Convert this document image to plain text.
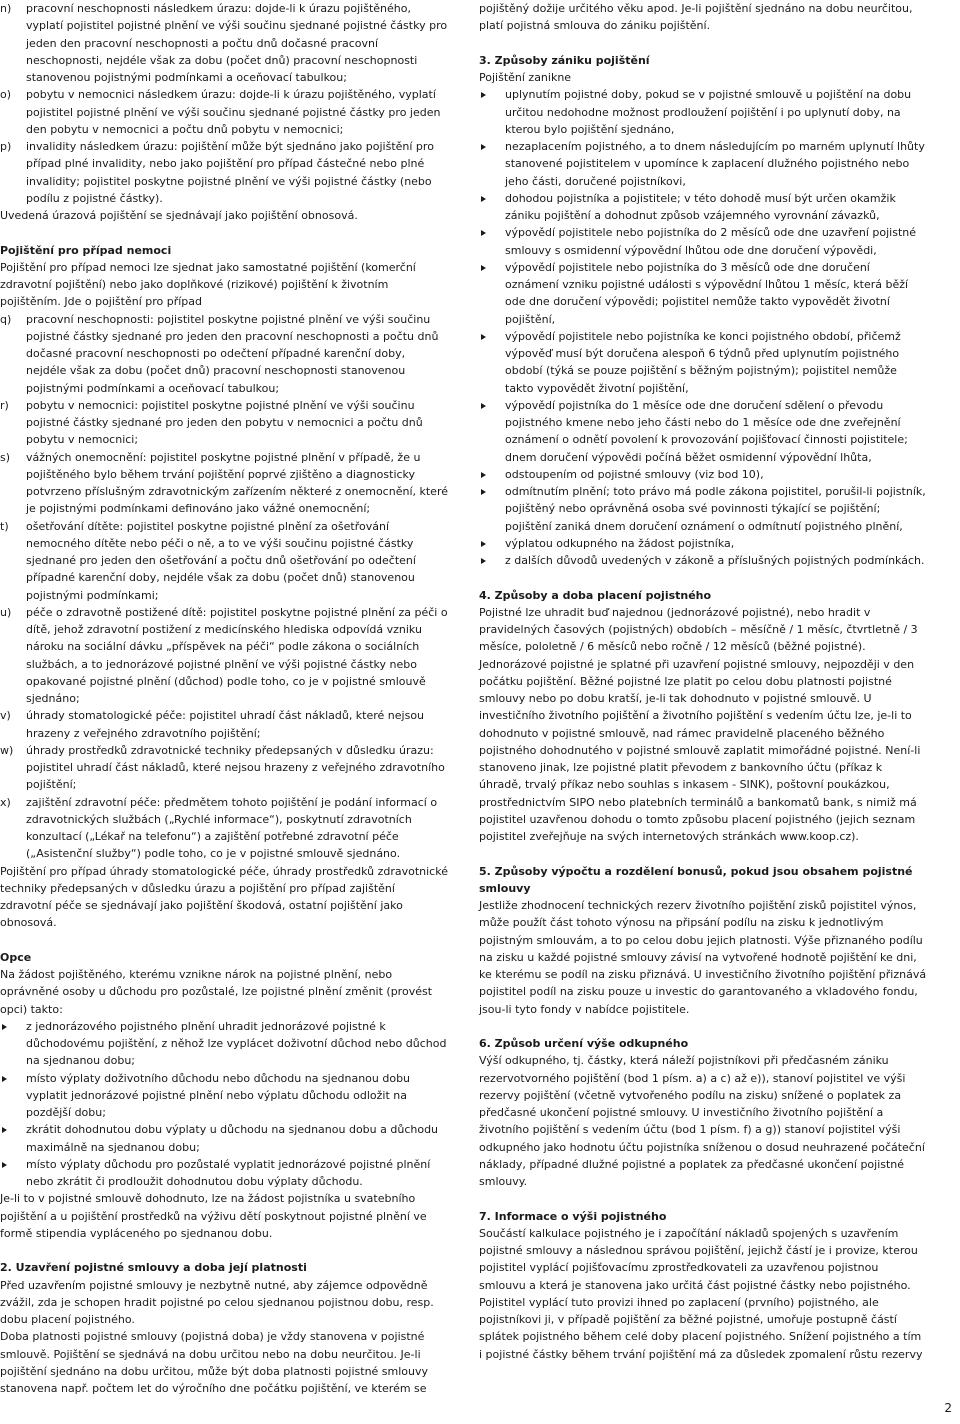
n) pracovní neschopnosti následkem úrazu: dojde-li k úrazu pojištěného, vyplatí pojistitel pojistné plnění ve výši součinu sjednané pojistné částky pro jeden den pracovní neschopnosti a počtu dnů dočasné pracovní neschopnosti, nejdéle však za dobu (počet dnů) pracovní neschopnosti stanovenou pojistnými podmínkami a oceňovací tabulkou;
o) pobytu v nemocnici následkem úrazu: dojde-li k úrazu pojištěného, vyplatí pojistitel pojistné plnění ve výši součinu sjednané pojistné částky pro jeden den pobytu v nemocnici a počtu dnů pobytu v nemocnici;
p) invalidity následkem úrazu: pojištění může být sjednáno jako pojištění pro případ plné invalidity, nebo jako pojištění pro případ částečné nebo plné invalidity; pojistitel poskytne pojistné plnění ve výši pojistné částky (nebo podílu z pojistné částky).
Uvedená úrazová pojištění se sjednávají jako pojištění obnosová.
Pojištění pro případ nemoci
Pojištění pro případ nemoci lze sjednat jako samostatné pojištění (komerční zdravotní pojištění) nebo jako doplňkové (rizikové) pojištění k životním pojištěním. Jde o pojištění pro případ
q) pracovní neschopnosti: pojistitel poskytne pojistné plnění ve výši součinu pojistné částky sjednané pro jeden den pracovní neschopnosti a počtu dnů dočasné pracovní neschopnosti po odečtení případné karenční doby, nejdéle však za dobu (počet dnů) pracovní neschopnosti stanovenou pojistnými podmínkami a oceňovací tabulkou;
r) pobytu v nemocnici: pojistitel poskytne pojistné plnění ve výši součinu pojistné částky sjednané pro jeden den pobytu v nemocnici a počtu dnů pobytu v nemocnici;
s) vážných onemocnění: pojistitel poskytne pojistné plnění v případě, že u pojištěného bylo během trvání pojištění poprvé zjištěno a diagnosticky potvrzeno příslušným zdravotnickým zařízením některé z onemocnění, které je pojistnými podmínkami definováno jako vážné onemocnění;
t) ošetřování dítěte: pojistitel poskytne pojistné plnění za ošetřování nemocného dítěte nebo péči o ně, a to ve výši součinu pojistné částky sjednané pro jeden den ošetřování a počtu dnů ošetřování po odečtení případné karenční doby, nejdéle však za dobu (počet dnů) stanovenou pojistnými podmínkami;
u) péče o zdravotně postižené dítě: pojistitel poskytne pojistné plnění za péči o dítě, jehož zdravotní postižení z medicínského hlediska odpovídá vzniku nároku na sociální dávku „příspěvek na péči“ podle zákona o sociálních službách, a to jednorázové pojistné plnění ve výši pojistné částky nebo opakované pojistné plnění (důchod) podle toho, co je v pojistné smlouvě sjednáno;
v) úhrady stomatologické péče: pojistitel uhradí část nákladů, které nejsou hrazeny z veřejného zdravotního pojištění;
w) úhrady prostředků zdravotnické techniky předepsaných v důsledku úrazu: pojistitel uhradí část nákladů, které nejsou hrazeny z veřejného zdravotního pojištění;
x) zajištění zdravotní péče: předmětem tohoto pojištění je podání informací o zdravotnických službách („Rychlé informace“), poskytnutí zdravotních konzultací („Lékař na telefonu“) a zajištění potřebné zdravotní péče („Asistenční služby“) podle toho, co je v pojistné smlouvě sjednáno.
Pojištění pro případ úhrady stomatologické péče, úhrady prostředků zdravotnické techniky předepsaných v důsledku úrazu a pojištění pro případ zajištění zdravotní péče se sjednávají jako pojištění škodová, ostatní pojištění jako obnosová.
Opce
Na žádost pojištěného, kterému vznikne nárok na pojistné plnění, nebo oprávněné osoby u důchodu pro pozůstalé, lze pojistné plnění změnit (provést opci) takto:
z jednorázového pojistného plnění uhradit jednorázové pojistné k důchodovému pojištění, z něhož lze vyplácet doživotní důchod nebo důchod na sjednanou dobu;
místo výplaty doživotního důchodu nebo důchodu na sjednanou dobu vyplatit jednorázové pojistné plnění nebo výplatu důchodu odložit na pozdější dobu;
zkrátit dohodnutou dobu výplaty u důchodu na sjednanou dobu a důchodu maximálně na sjednanou dobu;
místo výplaty důchodu pro pozůstalé vyplatit jednorázové pojistné plnění nebo zkrátit či prodloužit dohodnutou dobu výplaty důchodu.
Je-li to v pojistné smlouvě dohodnuto, lze na žádost pojistníka u svatebního pojištění a u pojištění prostředků na výživu dětí poskytnout pojistné plnění ve formě stipendia vypláceného po sjednanou dobu.
2. Uzavření pojistné smlouvy a doba její platnosti
Před uzavřením pojistné smlouvy je nezbytně nutné, aby zájemce odpovědně zvážil, zda je schopen hradit pojistné po celou sjednanou pojistnou dobu, resp. dobu placení pojistného.
Doba platnosti pojistné smlouvy (pojistná doba) je vždy stanovena v pojistné smlouvě. Pojištění se sjednává na dobu určitou nebo na dobu neurčitou. Je-li pojištění sjednáno na dobu určitou, může být doba platnosti pojistné smlouvy stanovena např. počtem let do výročního dne počátku pojištění, ve kterém se
pojištěný dožije určitého věku apod. Je-li pojištění sjednáno na dobu neurčitou, platí pojistná smlouva do zániku pojištění.
3. Způsoby zániku pojištění
Pojištění zanikne
uplynutím pojistné doby, pokud se v pojistné smlouvě u pojištění na dobu určitou nedohodne možnost prodloužení pojištění i po uplynutí doby, na kterou bylo pojištění sjednáno,
nezaplacením pojistného, a to dnem následujícím po marném uplynutí lhůty stanovené pojistitelem v upomínce k zaplacení dlužného pojistného nebo jeho části, doručené pojistníkovi,
dohodou pojistníka a pojistitele; v této dohodě musí být určen okamžik zániku pojištění a dohodnut způsob vzájemného vyrovnání závazků,
výpovědí pojistitele nebo pojistníka do 2 měsíců ode dne uzavření pojistné smlouvy s osmidenní výpovědní lhůtou ode dne doručení výpovědi,
výpovědí pojistitele nebo pojistníka do 3 měsíců ode dne doručení oznámení vzniku pojistné události s výpovědní lhůtou 1 měsíc, která běží ode dne doručení výpovědi; pojistitel nemůže takto vypovědět životní pojištění,
výpovědí pojistitele nebo pojistníka ke konci pojistného období, přičemž výpověď musí být doručena alespoň 6 týdnů před uplynutím pojistného období (týká se pouze pojištění s běžným pojistným); pojistitel nemůže takto vypovědět životní pojištění,
výpovědí pojistníka do 1 měsíce ode dne doručení sdělení o převodu pojistného kmene nebo jeho části nebo do 1 měsíce ode dne zveřejnění oznámení o odnětí povolení k provozování pojišťovací činnosti pojistitele; dnem doručení výpovědi počíná běžet osmidenní výpovědní lhůta,
odstoupením od pojistné smlouvy (viz bod 10),
odmítnutím plnění; toto právo má podle zákona pojistitel, porušil-li pojistník, pojištěný nebo oprávněná osoba své povinnosti týkající se pojištění; pojištění zaniká dnem doručení oznámení o odmítnutí pojistného plnění,
výplatou odkupného na žádost pojistníka,
z dalších důvodů uvedených v zákoně a příslušných pojistných podmínkách.
4. Způsoby a doba placení pojistného
Pojistné lze uhradit buď najednou (jednorázové pojistné), nebo hradit v pravidelných časových (pojistných) obdobích – měsíčně / 1 měsíc, čtvrtletně / 3 měsíce, pololetně / 6 měsíců nebo ročně / 12 měsíců (běžné pojistné). Jednorázové pojistné je splatné při uzavření pojistné smlouvy, nejpozději v den počátku pojištění. Běžné pojistné lze platit po celou dobu platnosti pojistné smlouvy nebo po dobu kratší, je-li tak dohodnuto v pojistné smlouvě. U investičního životního pojištění a životního pojištění s vedením účtu lze, je-li to dohodnuto v pojistné smlouvě, nad rámec pravidelně placeného běžného pojistného dohodnutého v pojistné smlouvě zaplatit mimořádné pojistné. Není-li stanoveno jinak, lze pojistné platit převodem z bankovního účtu (příkaz k úhradě, trvalý příkaz nebo souhlas s inkasem - SINK), poštovní poukázkou, prostřednictvím SIPO nebo platebních terminálů a bankomatů bank, s nimiž má pojistitel uzavřenou dohodu o tomto způsobu placení pojistného (jejich seznam pojistitel zveřejňuje na svých internetových stránkách www.koop.cz).
5. Způsoby výpočtu a rozdělení bonusů, pokud jsou obsahem pojistné smlouvy
Jestliže zhodnocení technických rezerv životního pojištění zisků pojistitel výnos, může použít část tohoto výnosu na připsání podílu na zisku k jednotlivým pojistným smlouvám, a to po celou dobu jejich platnosti. Výše přiznaného podílu na zisku u každé pojistné smlouvy závisí na vytvořené hodnotě pojištění ke dni, ke kterému se podíl na zisku přiznává. U investičního životního pojištění přiznává pojistitel podíl na zisku pouze u investic do garantovaného a vkladového fondu, jsou-li tyto fondy v nabídce pojistitele.
6. Způsob určení výše odkupného
Výší odkupného, tj. částky, která náleží pojistníkovi při předčasném zániku rezervotvorného pojištění (bod 1 písm. a) a c) až e)), stanoví pojistitel ve výši rezervy pojištění (včetně vytvořeného podílu na zisku) snížené o poplatek za předčasné ukončení pojistné smlouvy. U investičního životního pojištění a životního pojištění s vedením účtu (bod 1 písm. f) a g)) stanoví pojistitel výši odkupného jako hodnotu účtu pojistníka sníženou o dosud neuhrazené počáteční náklady, případné dlužné pojistné a poplatek za předčasné ukončení pojistné smlouvy.
7. Informace o výši pojistného
Součástí kalkulace pojistného je i započítání nákladů spojených s uzavřením pojistné smlouvy a následnou správou pojištění, jejichž částí je i provize, kterou pojistitel vyplácí pojišťovacímu zprostředkovateli za uzavřenou pojistnou smlouvu a která je stanovena jako určitá část pojistné částky nebo pojistného. Pojistitel vyplácí tuto provizi ihned po zaplacení (prvního) pojistného, ale pojistníkovi ji, v případě pojištění za běžné pojistné, umořuje postupně částí splátek pojistného během celé doby placení pojistného. Snížení pojistného a tím i pojistné částky během trvání pojištění má za důsledek zpomalení růstu rezervy
2
